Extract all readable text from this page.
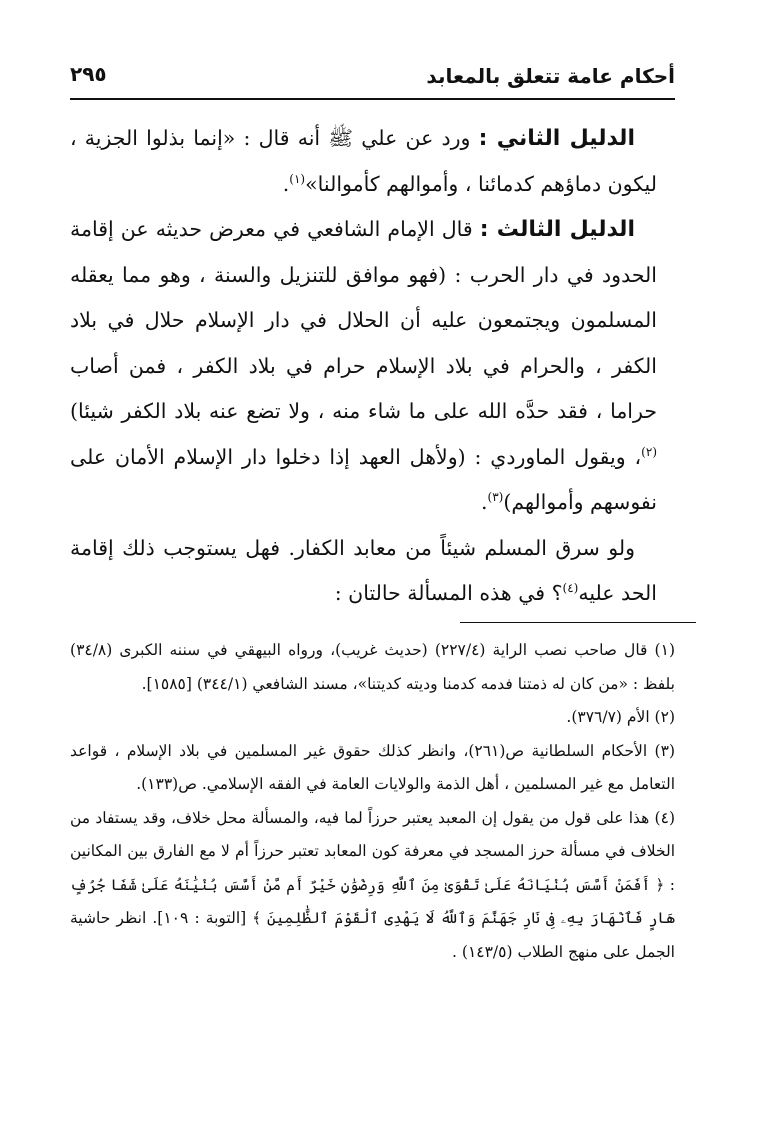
أحكام عامة تتعلق بالمعابد
٢٩٥

الدليل الثاني : ورد عن علي ﷺ أنه قال : «إنما بذلوا الجزية ، ليكون دماؤهم كدمائنا ، وأموالهم كأموالنا»$^{(١)}$.

الدليل الثالث : قال الإمام الشافعي في معرض حديثه عن إقامة الحدود في دار الحرب : (فهو موافق للتنزيل والسنة ، وهو مما يعقله المسلمون ويجتمعون عليه أن الحلال في دار الإسلام حلال في بلاد الكفر ، والحرام في بلاد الإسلام حرام في بلاد الكفر ، فمن أصاب حراما ، فقد حدَّه الله على ما شاء منه ، ولا تضع عنه بلاد الكفر شيئا)$^{(٢)}$، ويقول الماوردي : (ولأهل العهد إذا دخلوا دار الإسلام الأمان على نفوسهم وأموالهم)$^{(٣)}$.

ولو سرق المسلم شيئاً من معابد الكفار. فهل يستوجب ذلك إقامة الحد عليه$^{(٤)}$؟ في هذه المسألة حالتان :

(١) قال صاحب نصب الراية (٢٢٧/٤) (حديث غريب)، ورواه البيهقي في سننه الكبرى (٣٤/٨) بلفظ : «من كان له ذمتنا فدمه كدمنا وديته كديتنا»، مسند الشافعي (٣٤٤/١) [١٥٨٥].

(٢) الأم (٣٧٦/٧).

(٣) الأحكام السلطانية ص(٢٦١)، وانظر كذلك حقوق غير المسلمين في بلاد الإسلام ، قواعد التعامل مع غير المسلمين ، أهل الذمة والولايات العامة في الفقه الإسلامي. ص(١٣٣).

(٤) هذا على قول من يقول إن المعبد يعتبر حرزاً لما فيه، والمسألة محل خلاف، وقد يستفاد من الخلاف في مسألة حرز المسجد في معرفة كون المعابد تعتبر حرزاً أم لا مع الفارق بين المكانين : ﴿ أَفَمَنْ أَسَّسَ بُنْيَانَهُ عَلَىٰ تَقْوَىٰ مِنَ ٱللَّهِ وَرِضْوَٰنٍ خَيْرٌ أَم مَّنْ أَسَّسَ بُنْيَٰنَهُ عَلَىٰ شَفَا جُرُفٍ هَارٍ فَٱنْهَارَ بِهِۦ فِى نَارِ جَهَنَّمَ وَٱللَّهُ لَا يَهْدِى ٱلْقَوْمَ ٱلظَّٰلِمِينَ ﴾ [التوبة : ١٠٩]. انظر حاشية الجمل على منهج الطلاب (١٤٣/٥) .
